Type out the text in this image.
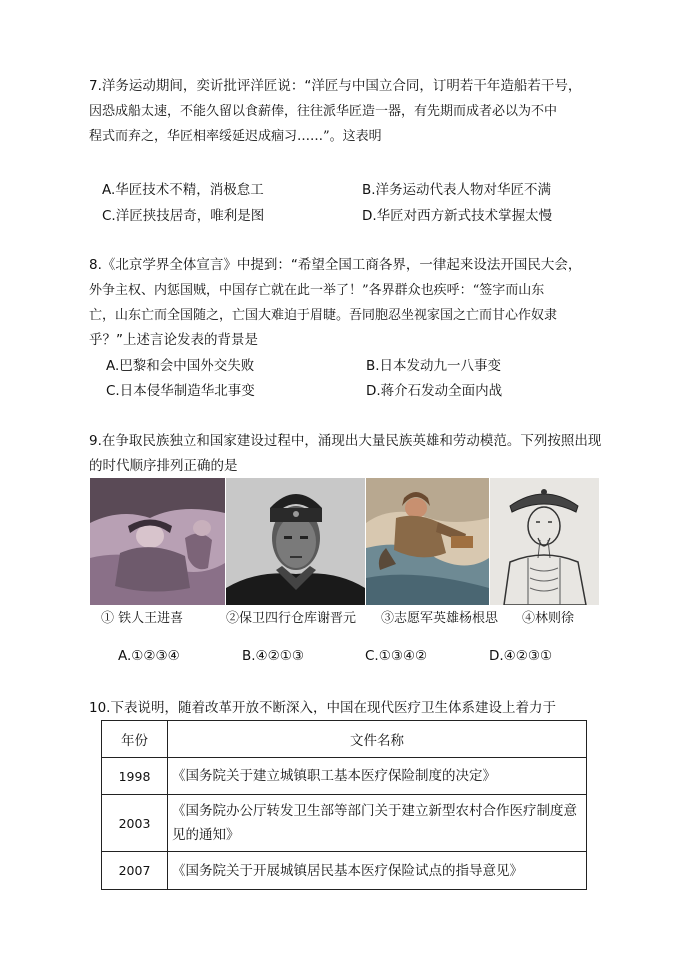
7.洋务运动期间，奕䜣批评洋匠说：“洋匠与中国立合同，订明若干年造船若干号，
因恐成船太速，不能久留以食薪俸，往往派华匠造一器，有先期而成者必以为不中
程式而弃之，华匠相率绥延迟成痼习……”。这表明
A.华匠技术不精，消极怠工	B.洋务运动代表人物对华匠不满
C.洋匠挟技居奇，唯利是图	D.华匠对西方新式技术掌握太慢
8.《北京学界全体宣言》中提到：“希望全国工商各界，一律起来设法开国民大会，
外争主权、内惩国贼，中国存亡就在此一举了！”各界群众也疾呼：“签字而山东
亡，山东亡而全国随之，亡国大难迫于眉睫。吾同胞忍坐视家国之亡而甘心作奴隶
乎？”上述言论发表的背景是
A.巴黎和会中国外交失败	B.日本发动九一八事变
C.日本侵华制造华北事变	D.蒋介石发动全面内战
9.在争取民族独立和国家建设过程中，涌现出大量民族英雄和劳动模范。下列按照出现
的时代顺序排列正确的是
① 铁人王进喜	②保卫四行仓库谢晋元 ③志愿军英雄杨根思 ④林则徐
A.①②③④	B.④②①③	C.①③④②	D.④②③①
10.下表说明，随着改革开放不断深入，中国在现代医疗卫生体系建设上着力于
年份	文件名称
1998	《国务院关于建立城镇职工基本医疗保险制度的决定》
2003	《国务院办公厅转发卫生部等部门关于建立新型农村合作医疗制度意见的通知》
2007	《国务院关于开展城镇居民基本医疗保险试点的指导意见》
